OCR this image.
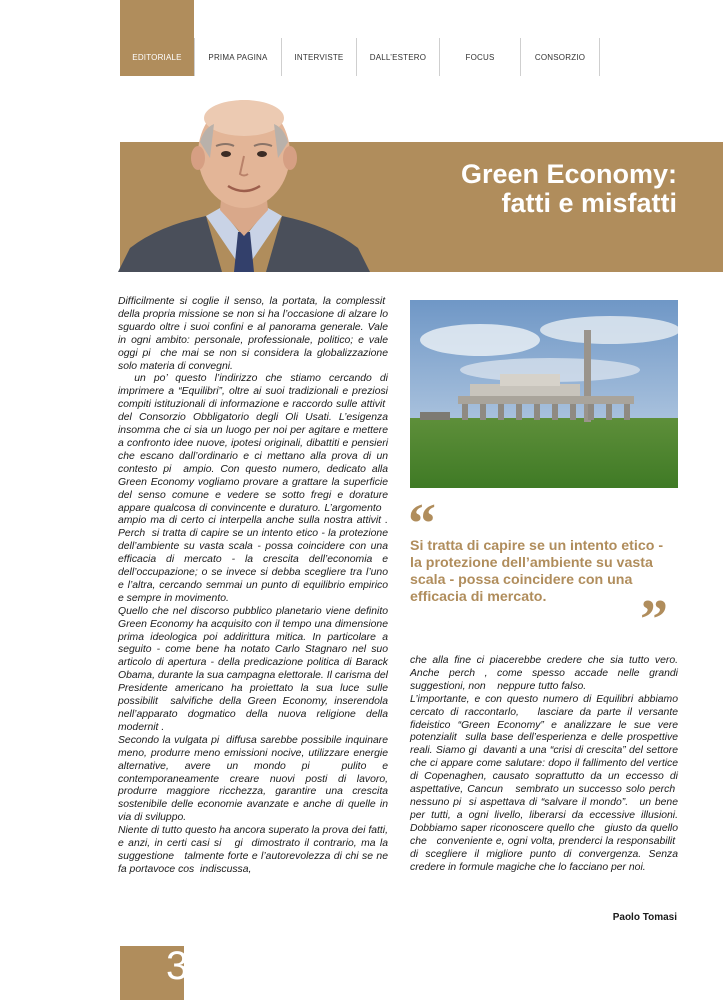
EDITORIALE	PRIMA PAGINA	INTERVISTE	DALL’ESTERO	FOCUS	CONSORZIO
Green Economy:
fatti e misfatti

Difficilmente si coglie il senso, la portata, la complessit  della propria missione se non si ha l’occasione di alzare lo sguardo oltre i suoi confini e al panorama generale. Vale in ogni ambito: personale, professionale, politico; e vale oggi pi  che mai se non si considera la globalizzazione solo materia di convegni.

un po’ questo l’indirizzo che stiamo cercando di imprimere a “Equilibri”, oltre ai suoi tradizionali e preziosi compiti istituzionali di informazione e raccordo sulle attivit  del Consorzio Obbligatorio degli Oli Usati. L’esigenza insomma che ci sia un luogo per noi per agitare e mettere a confronto idee nuove, ipotesi originali, dibattiti e pensieri che escano dall’ordinario e ci mettano alla prova di un contesto pi  ampio. Con questo numero, dedicato alla Green Economy vogliamo provare a grattare la superficie del senso comune e vedere se sotto fregi e dorature appare qualcosa di convincente e duraturo. L’argomento   ampio ma di certo ci interpella anche sulla nostra attivit . Perch  si tratta di capire se un intento etico - la protezione dell’ambiente su vasta scala - possa coincidere con una efficacia di mercato - la crescita dell’economia e dell’occupazione; o se invece si debba scegliere tra l’uno e l’altra, cercando semmai un punto di equilibrio empirico e sempre in movimento.

Quello che nel discorso pubblico planetario viene definito Green Economy ha acquisito con il tempo una dimensione prima ideologica poi addirittura mitica. In particolare a seguito - come bene ha notato Carlo Stagnaro nel suo articolo di apertura - della predicazione politica di Barack Obama, durante la sua campagna elettorale. Il carisma del Presidente americano ha proiettato la sua luce sulle possibilit  salvifiche della Green Economy, inserendola nell’apparato dogmatico della nuova religione della modernit .

Secondo la vulgata pi  diffusa sarebbe possibile inquinare meno, produrre meno emissioni nocive, utilizzare energie alternative, avere un mondo pi  pulito e contemporaneamente creare nuovi posti di lavoro, produrre maggiore ricchezza, garantire una crescita sostenibile delle economie avanzate e anche di quelle in via di sviluppo.

Niente di tutto questo ha ancora superato la prova dei fatti, e anzi, in certi casi si   gi  dimostrato il contrario, ma la suggestione   talmente forte e l’autorevolezza di chi se ne fa portavoce cos  indiscussa,

“
Si tratta di capire se un intento etico - la protezione dell’ambiente su vasta scala - possa coincidere con una efficacia di mercato.	”

che alla fine ci piacerebbe credere che sia tutto vero. Anche perch , come spesso accade nelle grandi suggestioni, non    neppure tutto falso.

L’importante, e con questo numero di Equilibri abbiamo cercato di raccontarlo,   lasciare da parte il versante fideistico “Green Economy” e analizzare le sue vere potenzialit  sulla base dell’esperienza e delle prospettive reali. Siamo gi  davanti a una “crisi di crescita” del settore che ci appare come salutare: dopo il fallimento del vertice di Copenaghen, causato soprattutto da un eccesso di aspettative, Cancun   sembrato un successo solo perch  nessuno pi  si aspettava di “salvare il mondo”.   un bene per tutti, a ogni livello, liberarsi da eccessive illusioni. Dobbiamo saper riconoscere quello che   giusto da quello che   conveniente e, ogni volta, prenderci la responsabilit  di scegliere il migliore punto di convergenza. Senza credere in formule magiche che lo facciano per noi.

Paolo Tomasi
3
